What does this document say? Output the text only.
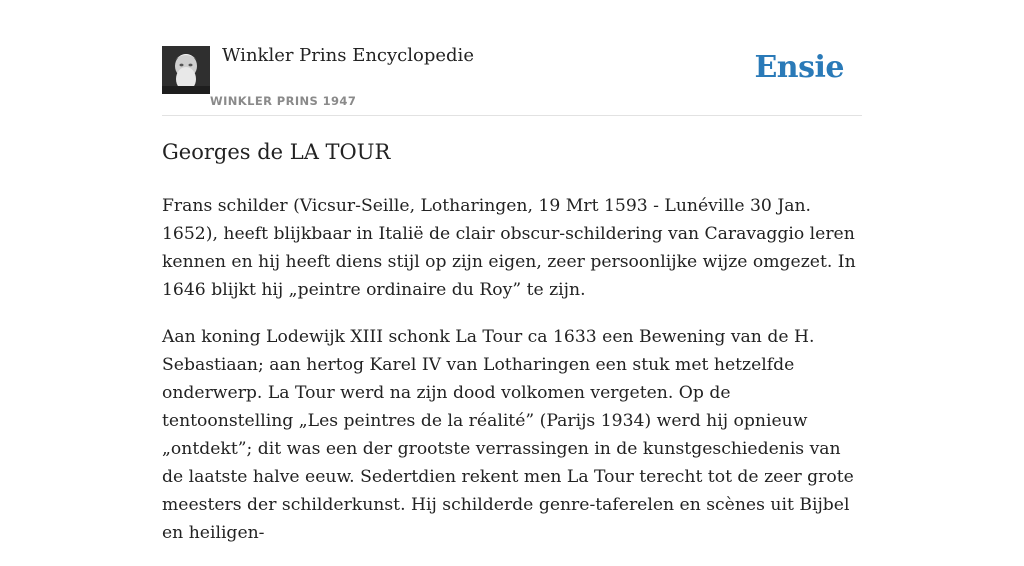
Winkler Prins Encyclopedie
WINKLER PRINS 1947
Ensie
Georges de LA TOUR

Frans schilder (Vicsur-Seille, Lotharingen, 19 Mrt 1593 - Lunéville 30 Jan. 1652), heeft blijkbaar in Italië de clair obscur-schildering van Caravaggio leren kennen en hij heeft diens stijl op zijn eigen, zeer persoonlijke wijze omgezet. In 1646 blijkt hij „peintre ordinaire du Roy” te zijn.

Aan koning Lodewijk XIII schonk La Tour ca 1633 een Bewening van de H. Sebastiaan; aan hertog Karel IV van Lotharingen een stuk met hetzelfde onderwerp. La Tour werd na zijn dood volkomen vergeten. Op de tentoonstelling „Les peintres de la réalité” (Parijs 1934) werd hij opnieuw „ontdekt”; dit was een der grootste verrassingen in de kunstgeschiedenis van de laatste halve eeuw. Sedertdien rekent men La Tour terecht tot de zeer grote meesters der schilderkunst. Hij schilderde genre-taferelen en scènes uit Bijbel en heiligen-
